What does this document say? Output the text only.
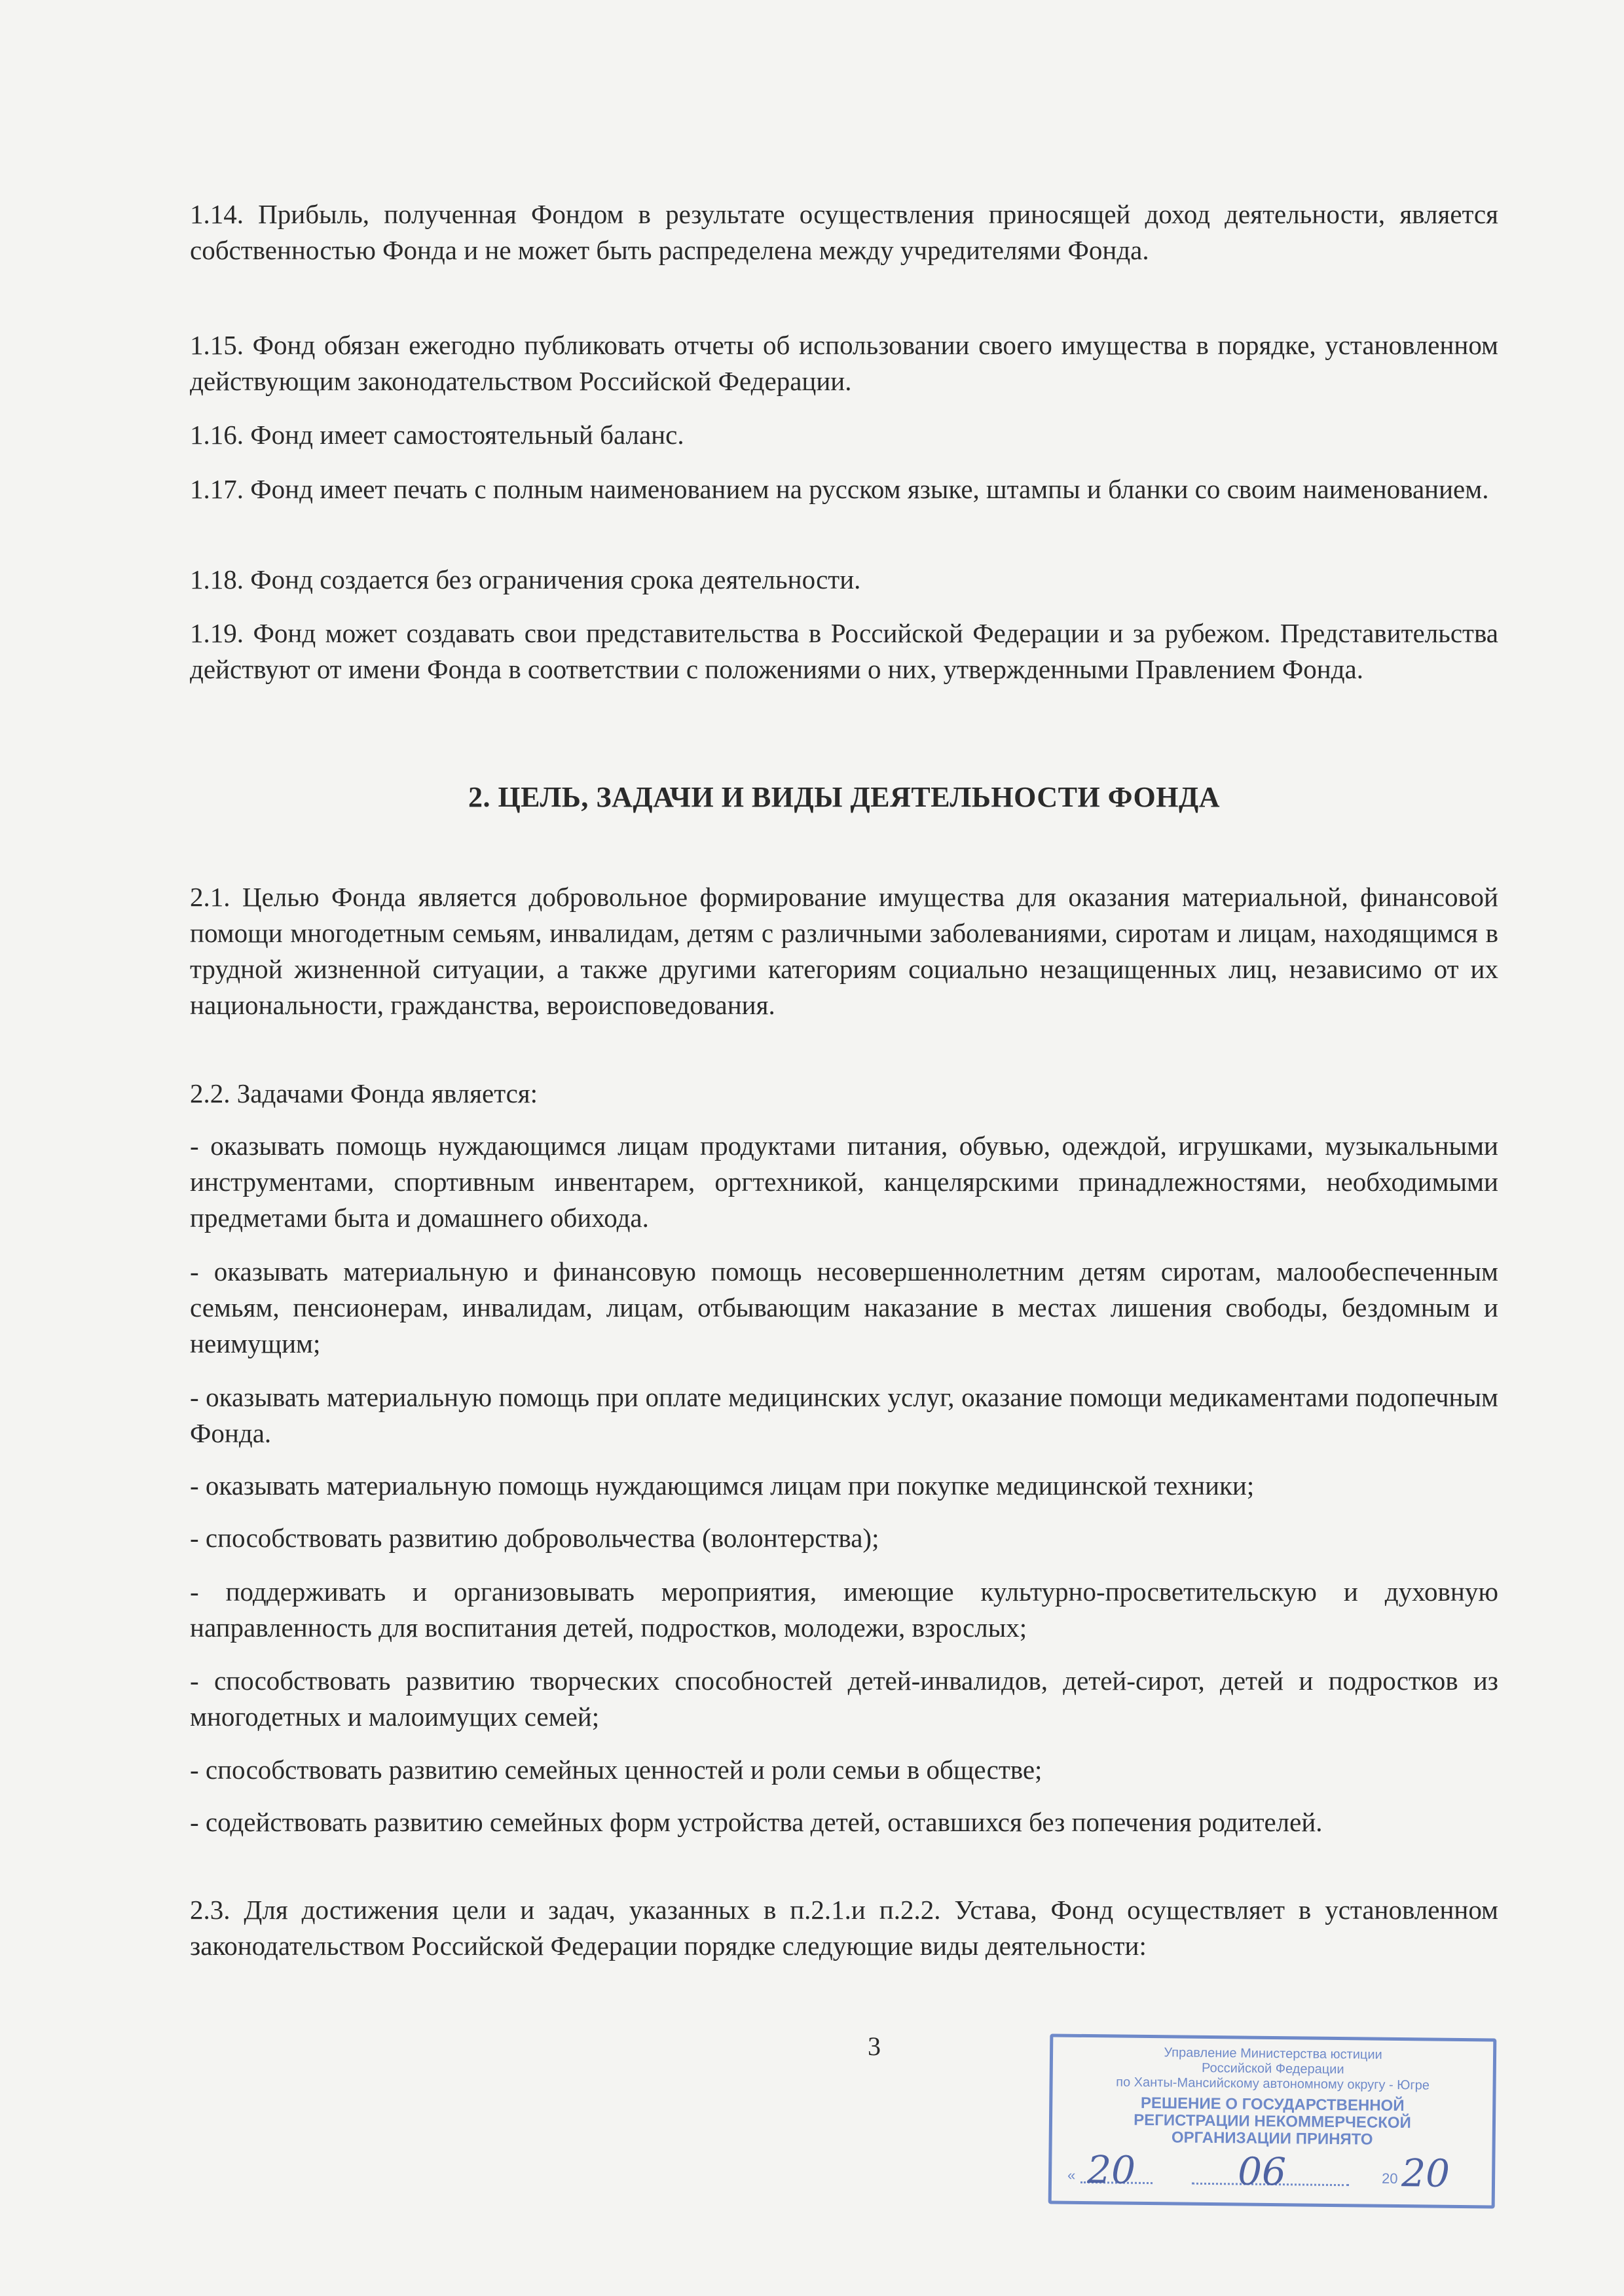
1.14. Прибыль, полученная Фондом в результате осуществления приносящей доход деятельности, является собственностью Фонда и не может быть распределена между учредителями Фонда.
1.15. Фонд обязан ежегодно публиковать отчеты об использовании своего имущества в порядке, установленном действующим законодательством Российской Федерации.
1.16. Фонд имеет самостоятельный баланс.
1.17. Фонд имеет печать с полным наименованием на русском языке, штампы и бланки со своим наименованием.
1.18. Фонд создается без ограничения срока деятельности.
1.19. Фонд может создавать свои представительства в Российской Федерации и за рубежом. Представительства действуют от имени Фонда в соответствии с положениями о них, утвержденными Правлением Фонда.
2. ЦЕЛЬ, ЗАДАЧИ И ВИДЫ ДЕЯТЕЛЬНОСТИ ФОНДА
2.1. Целью Фонда является добровольное формирование имущества для оказания материальной, финансовой помощи многодетным семьям, инвалидам, детям с различными заболеваниями, сиротам и лицам, находящимся в трудной жизненной ситуации, а также другими категориям социально незащищенных лиц, независимо от их национальности, гражданства, вероисповедования.
2.2. Задачами Фонда является:
- оказывать помощь нуждающимся лицам продуктами питания, обувью, одеждой, игрушками, музыкальными инструментами, спортивным инвентарем, оргтехникой, канцелярскими принадлежностями, необходимыми предметами быта и домашнего обихода.
- оказывать материальную и финансовую помощь несовершеннолетним детям сиротам, малообеспеченным семьям, пенсионерам, инвалидам, лицам, отбывающим наказание в местах лишения свободы, бездомным и неимущим;
- оказывать материальную помощь при оплате медицинских услуг, оказание помощи медикаментами подопечным Фонда.
- оказывать материальную помощь нуждающимся лицам при покупке медицинской техники;
- способствовать развитию добровольчества (волонтерства);
- поддерживать и организовывать мероприятия, имеющие культурно-просветительскую и духовную направленность для воспитания детей, подростков, молодежи, взрослых;
- способствовать развитию творческих способностей детей-инвалидов, детей-сирот, детей и подростков из многодетных и малоимущих семей;
- способствовать развитию семейных ценностей и роли семьи в обществе;
- содействовать развитию семейных форм устройства детей, оставшихся без попечения родителей.
2.3. Для достижения цели и задач, указанных в п.2.1.и п.2.2. Устава, Фонд осуществляет в установленном законодательством Российской Федерации порядке следующие виды деятельности:
3	Управление Министерства юстиции
Российской Федерации
по Ханты-Мансийскому автономному округу - Югре
РЕШЕНИЕ О ГОСУДАРСТВЕННОЙ
РЕГИСТРАЦИИ НЕКОММЕРЧЕСКОЙ
ОРГАНИЗАЦИИ ПРИНЯТО
« 20	06	20 20
